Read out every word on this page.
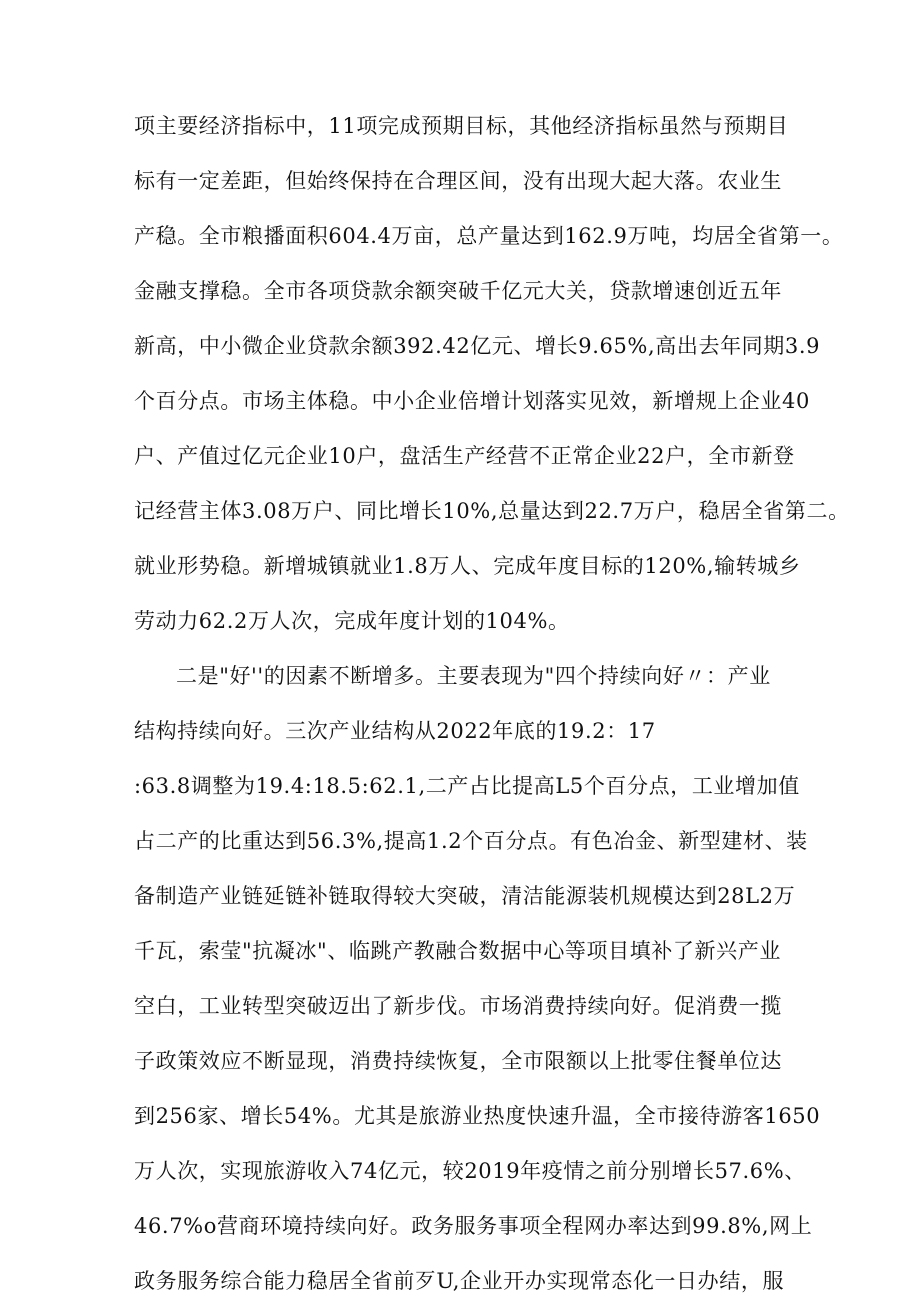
项主要经济指标中，11项完成预期目标，其他经济指标虽然与预期目
标有一定差距，但始终保持在合理区间，没有出现大起大落。农业生
产稳。全市粮播面积604.4万亩，总产量达到162.9万吨，均居全省第一。
金融支撑稳。全市各项贷款余额突破千亿元大关，贷款增速创近五年
新高，中小微企业贷款余额392.42亿元、增长9.65%,高出去年同期3.9
个百分点。市场主体稳。中小企业倍增计划落实见效，新增规上企业40
户、产值过亿元企业10户，盘活生产经营不正常企业22户，全市新登
记经营主体3.08万户、同比增长10%,总量达到22.7万户，稳居全省第二。
就业形势稳。新增城镇就业1.8万人、完成年度目标的120%,输转城乡
劳动力62.2万人次，完成年度计划的104%。
二是"好''的因素不断增多。主要表现为"四个持续向好〃：产业
结构持续向好。三次产业结构从2022年底的19.2：17
:63.8调整为19.4:18.5:62.1,二产占比提高L5个百分点，工业增加值
占二产的比重达到56.3%,提高1.2个百分点。有色冶金、新型建材、装
备制造产业链延链补链取得较大突破，清洁能源装机规模达到28L2万
千瓦，索莹"抗凝冰"、临跳产教融合数据中心等项目填补了新兴产业
空白，工业转型突破迈出了新步伐。市场消费持续向好。促消费一揽
子政策效应不断显现，消费持续恢复，全市限额以上批零住餐单位达
到256家、增长54%。尤其是旅游业热度快速升温，全市接待游客1650
万人次，实现旅游收入74亿元，较2019年疫情之前分别增长57.6%、
46.7%o营商环境持续向好。政务服务事项全程网办率达到99.8%,网上
政务服务综合能力稳居全省前歹U,企业开办实现常态化一日办结，服
